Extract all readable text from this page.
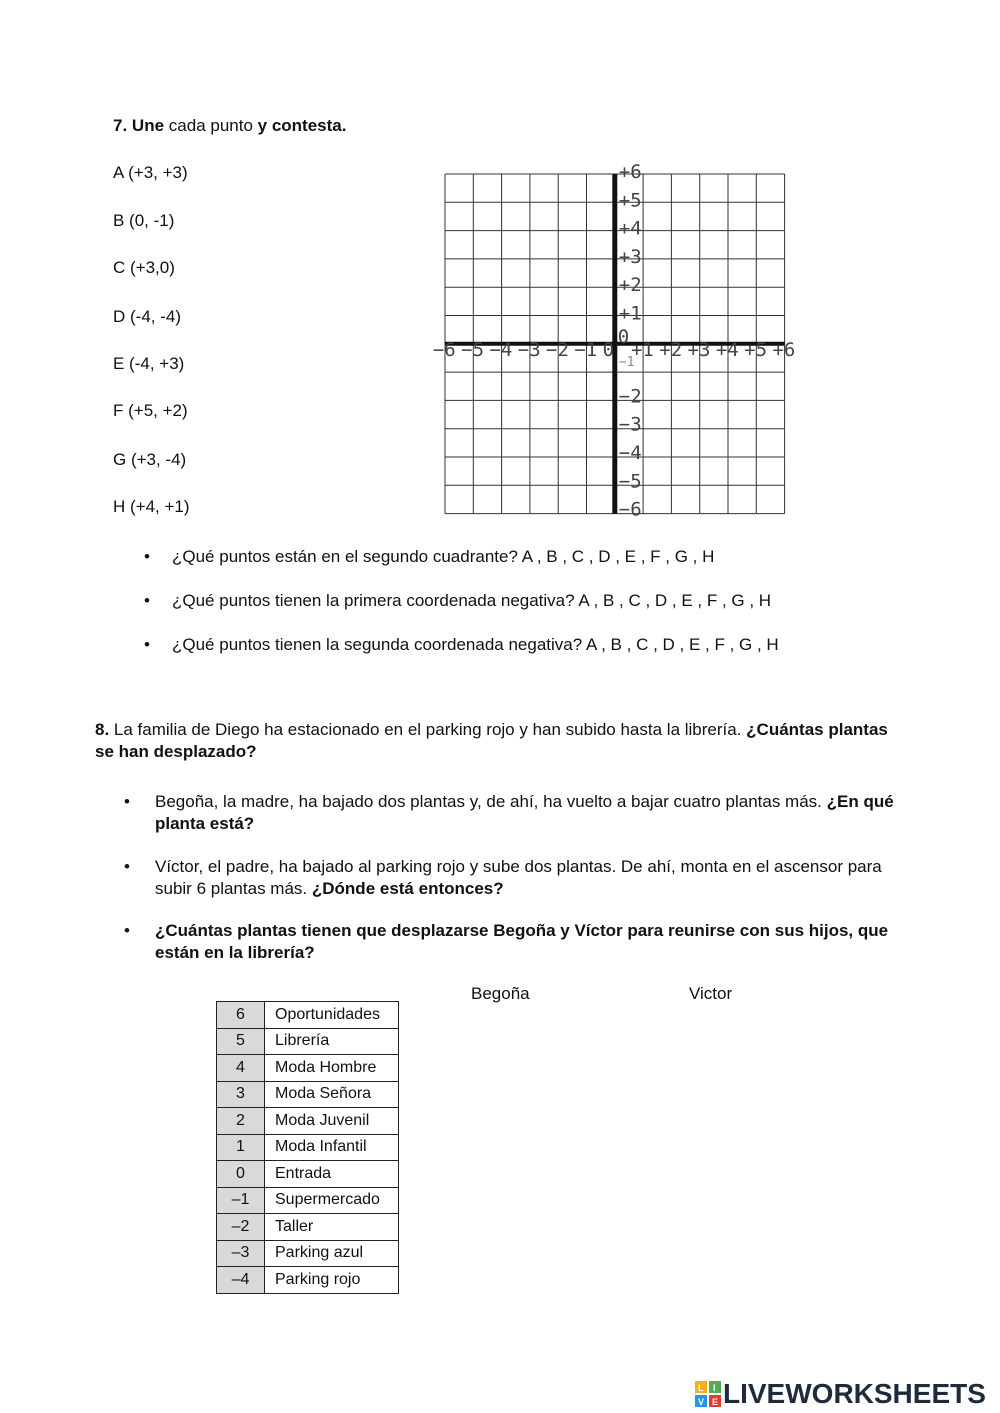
7. Une cada punto y contesta.
A (+3, +3)
B (0, -1)
C (+3,0)
D (-4, -4)
E (-4, +3)
F (+5, +2)
G (+3, -4)
H (+4, +1)
−6 −5 −4 −3 −2 −1 0 +1 +2 +3 +4 +5 +6
+6
+5
+4
+3
+2
+1
0
−1
−2
−3
−4
−5
−6
• ¿Qué puntos están en el segundo cuadrante? A , B , C , D , E , F , G , H
• ¿Qué puntos tienen la primera coordenada negativa? A , B , C , D , E , F , G , H
• ¿Qué puntos tienen la segunda coordenada negativa? A , B , C , D , E , F , G , H
8. La familia de Diego ha estacionado en el parking rojo y han subido hasta la librería. ¿Cuántas plantas se han desplazado?
• Begoña, la madre, ha bajado dos plantas y, de ahí, ha vuelto a bajar cuatro plantas más. ¿En qué planta está?
• Víctor, el padre, ha bajado al parking rojo y sube dos plantas. De ahí, monta en el ascensor para subir 6 plantas más. ¿Dónde está entonces?
• ¿Cuántas plantas tienen que desplazarse Begoña y Víctor para reunirse con sus hijos, que están en la librería?
Begoña	Victor
6	Oportunidades
5	Librería
4	Moda Hombre
3	Moda Señora
2	Moda Juvenil
1	Moda Infantil
0	Entrada
–1	Supermercado
–2	Taller
–3	Parking azul
–4	Parking rojo
L I
V E LIVEWORKSHEETS
